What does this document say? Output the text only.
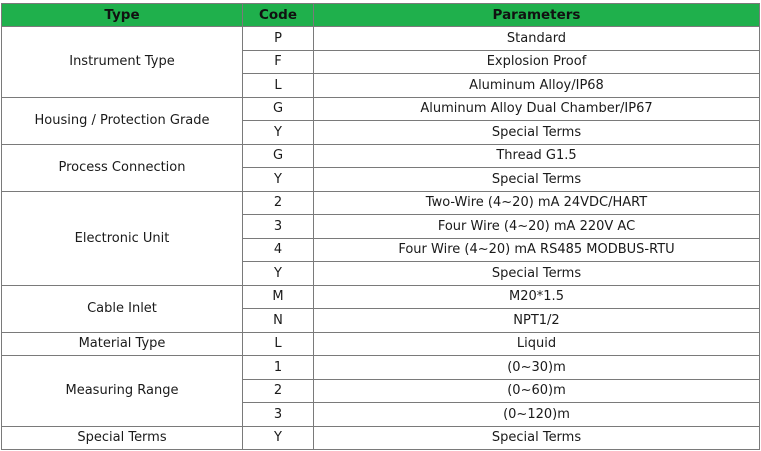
Type	Code	Parameters
Instrument Type	P	Standard
	F	Explosion Proof
	L	Aluminum Alloy/IP68
Housing / Protection Grade	G	Aluminum Alloy Dual Chamber/IP67
	Y	Special Terms
Process Connection	G	Thread G1.5
	Y	Special Terms
Electronic Unit	2	Two-Wire (4~20) mA 24VDC/HART
	3	Four Wire (4~20) mA 220V AC
	4	Four Wire (4~20) mA RS485 MODBUS-RTU
	Y	Special Terms
Cable Inlet	M	M20*1.5
	N	NPT1/2
Material Type	L	Liquid
Measuring Range	1	(0~30)m
	2	(0~60)m
	3	(0~120)m
Special Terms	Y	Special Terms
